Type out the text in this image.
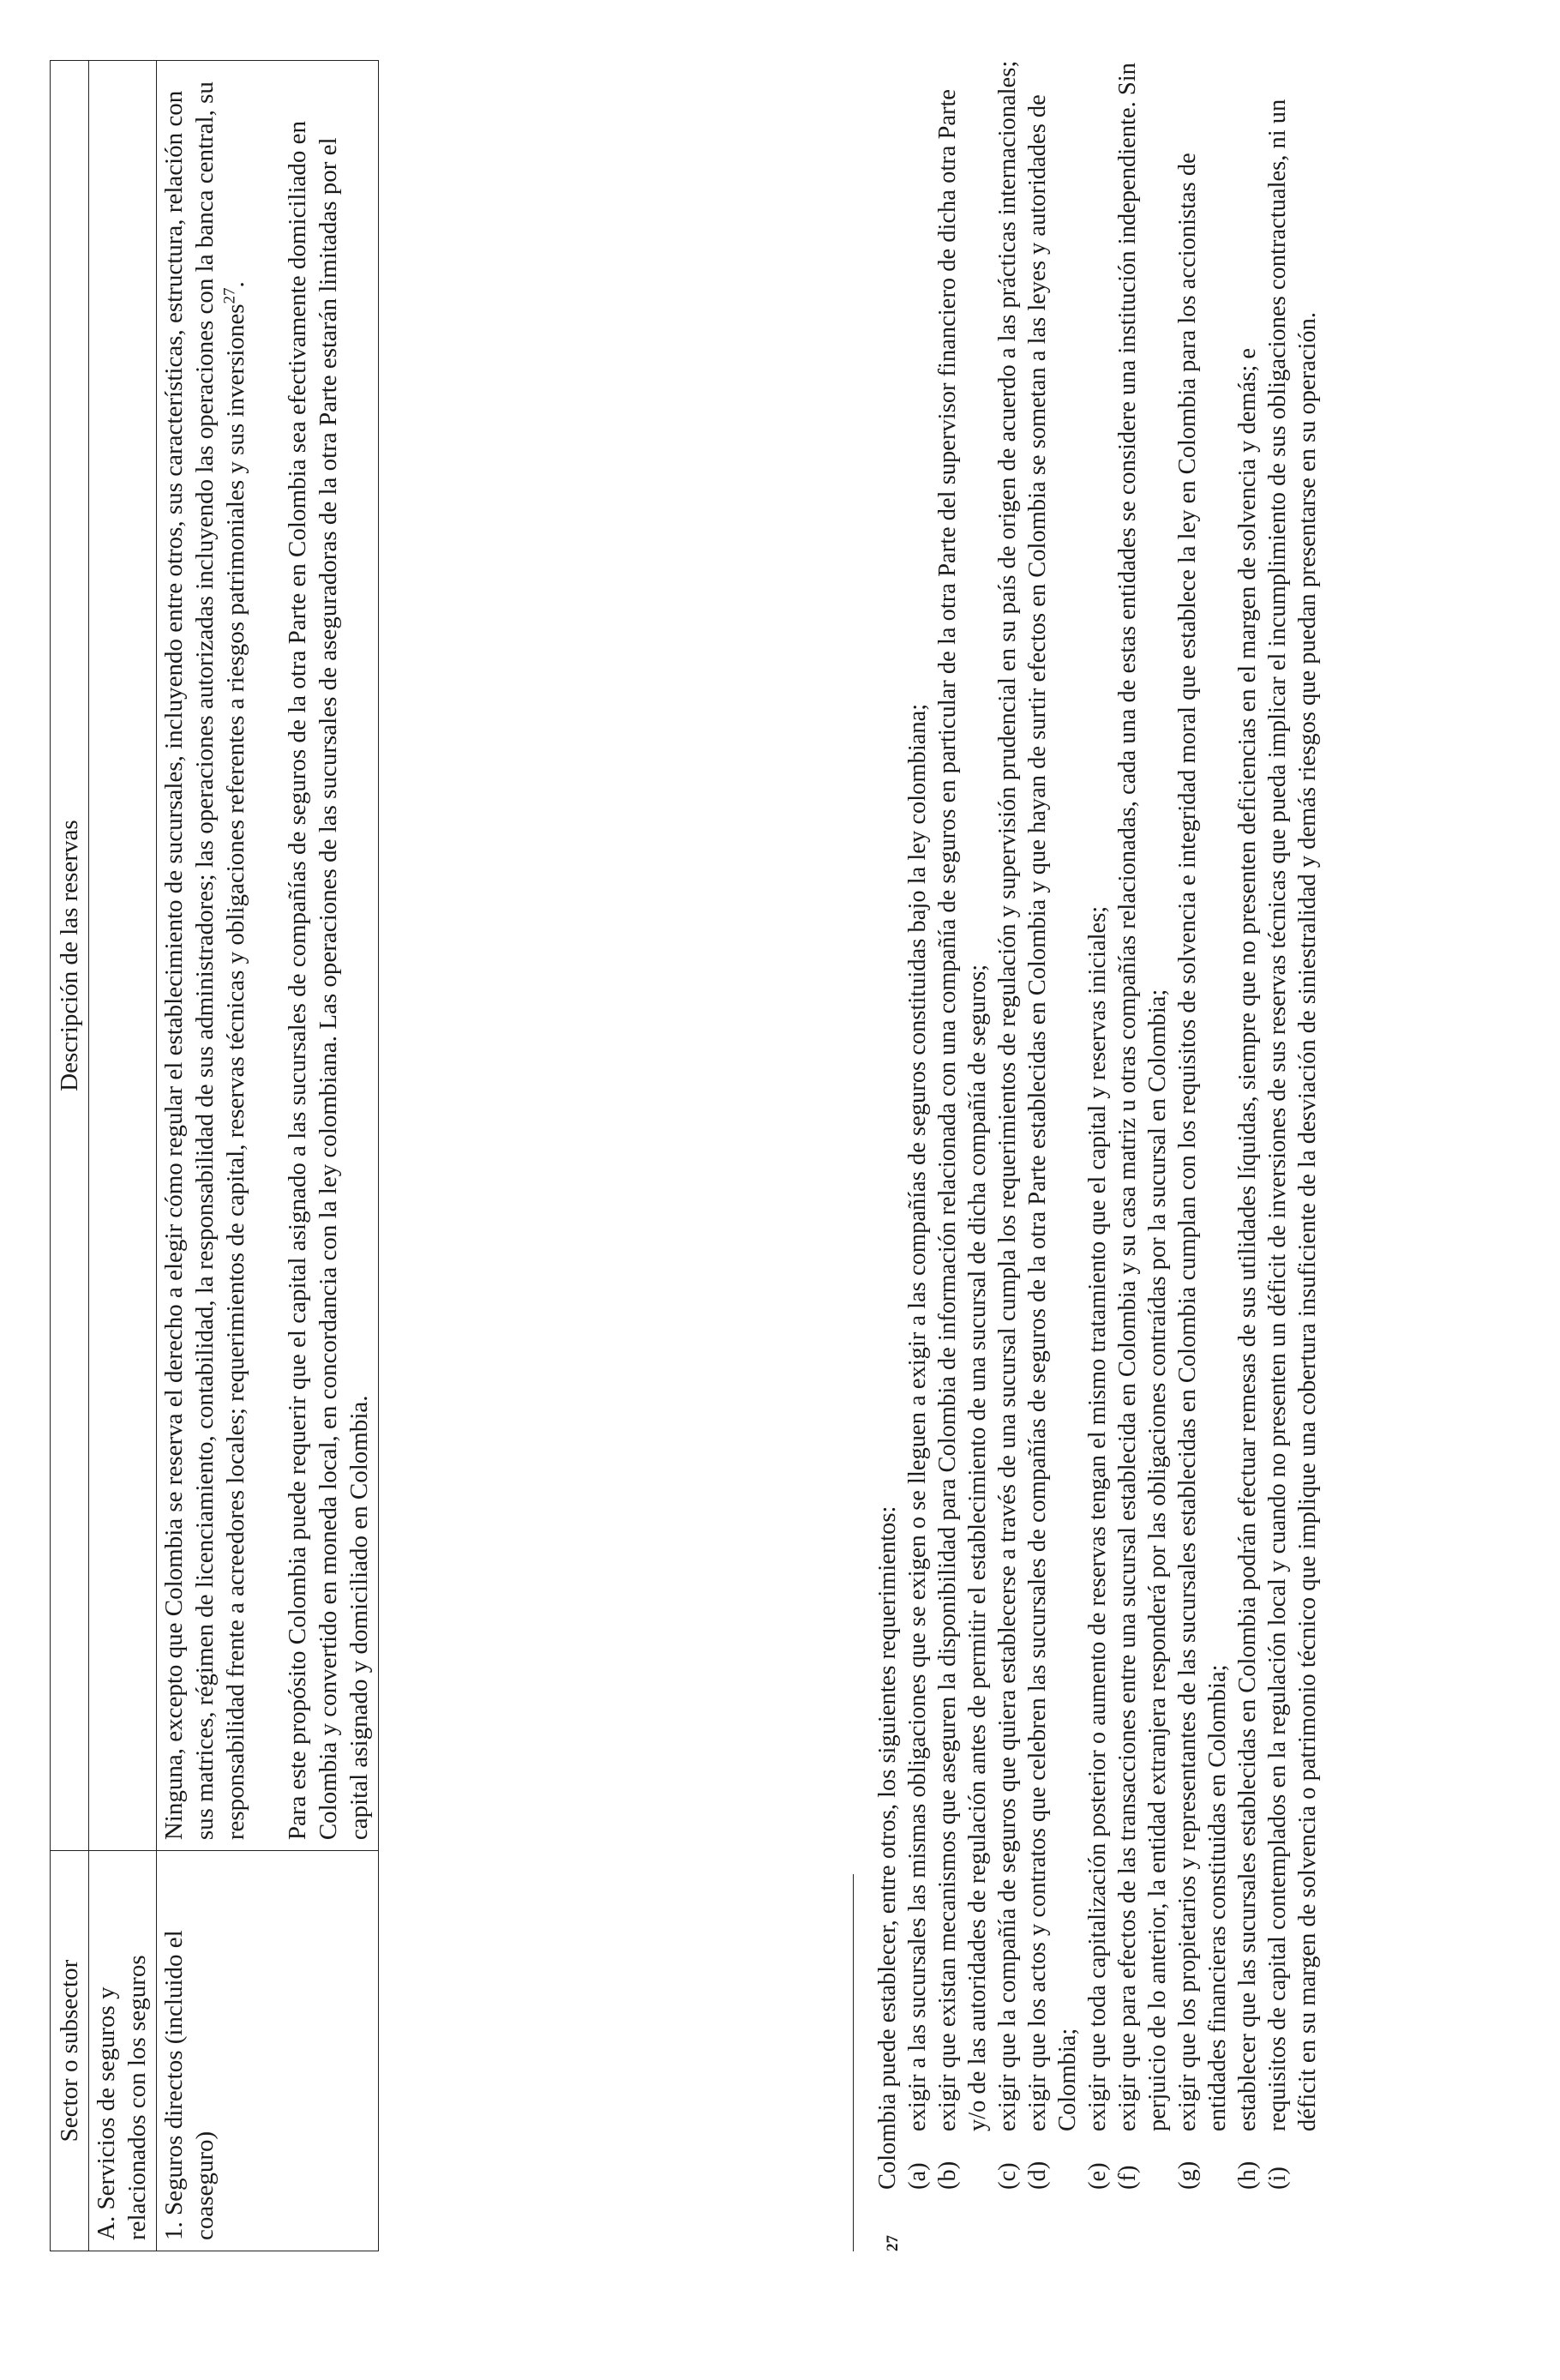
Sector o subsector	Descripción de las reservas
A. Servicios de seguros y relacionados con los seguros	
1. Seguros directos (incluido el coaseguro)	Ninguna, excepto que Colombia se reserva el derecho a elegir cómo regular el establecimiento de sucursales, incluyendo entre otros, sus características, estructura, relación con sus matrices, régimen de licenciamiento, contabilidad, la responsabilidad de sus administradores; las operaciones autorizadas incluyendo las operaciones con la banca central, su responsabilidad frente a acreedores locales; requerimientos de capital, reservas técnicas y obligaciones referentes a riesgos patrimoniales y sus inversiones$^{27}$. Para este propósito Colombia puede requerir que el capital asignado a las sucursales de compañías de seguros de la otra Parte en Colombia sea efectivamente domiciliado en Colombia y convertido en moneda local, en concordancia con la ley colombiana. Las operaciones de las sucursales de aseguradoras de la otra Parte estarán limitadas por el capital asignado y domiciliado en Colombia.

27
Colombia puede establecer, entre otros, los siguientes requerimientos: (a)
exigir a las sucursales las mismas obligaciones que se exigen o se lleguen a exigir a las compañías de seguros constituidas bajo la ley colombiana;
(b)
exigir que existan mecanismos que aseguren la disponibilidad para Colombia de información relacionada con una compañía de seguros en particular de la otra Parte del supervisor financiero de dicha otra Parte y/o de las autoridades de regulación antes de permitir el establecimiento de una sucursal de dicha compañía de seguros;
(c)
exigir que la compañía de seguros que quiera establecerse a través de una sucursal cumpla los requerimientos de regulación y supervisión prudencial en su país de origen de acuerdo a las prácticas internacionales;
(d)
exigir que los actos y contratos que celebren las sucursales de compañías de seguros de la otra Parte establecidas en Colombia y que hayan de surtir efectos en Colombia se sometan a las leyes y autoridades de Colombia;
(e)
exigir que toda capitalización posterior o aumento de reservas tengan el mismo tratamiento que el capital y reservas iniciales;
(f)
exigir que para efectos de las transacciones entre una sucursal establecida en Colombia y su casa matriz u otras compañías relacionadas, cada una de estas entidades se considere una institución independiente. Sin perjuicio de lo anterior, la entidad extranjera responderá por las obligaciones contraídas por la sucursal en Colombia;
(g)
exigir que los propietarios y representantes de las sucursales establecidas en Colombia cumplan con los requisitos de solvencia e integridad moral que establece la ley en Colombia para los accionistas de entidades financieras constituidas en Colombia;
(h)
establecer que las sucursales establecidas en Colombia podrán efectuar remesas de sus utilidades líquidas, siempre que no presenten deficiencias en el margen de solvencia y demás; e
(i)
requisitos de capital contemplados en la regulación local y cuando no presenten un déficit de inversiones de sus reservas técnicas que pueda implicar el incumplimiento de sus obligaciones contractuales, ni un déficit en su margen de solvencia o patrimonio técnico que implique una cobertura insuficiente de la desviación de siniestralidad y demás riesgos que puedan presentarse en su operación.
